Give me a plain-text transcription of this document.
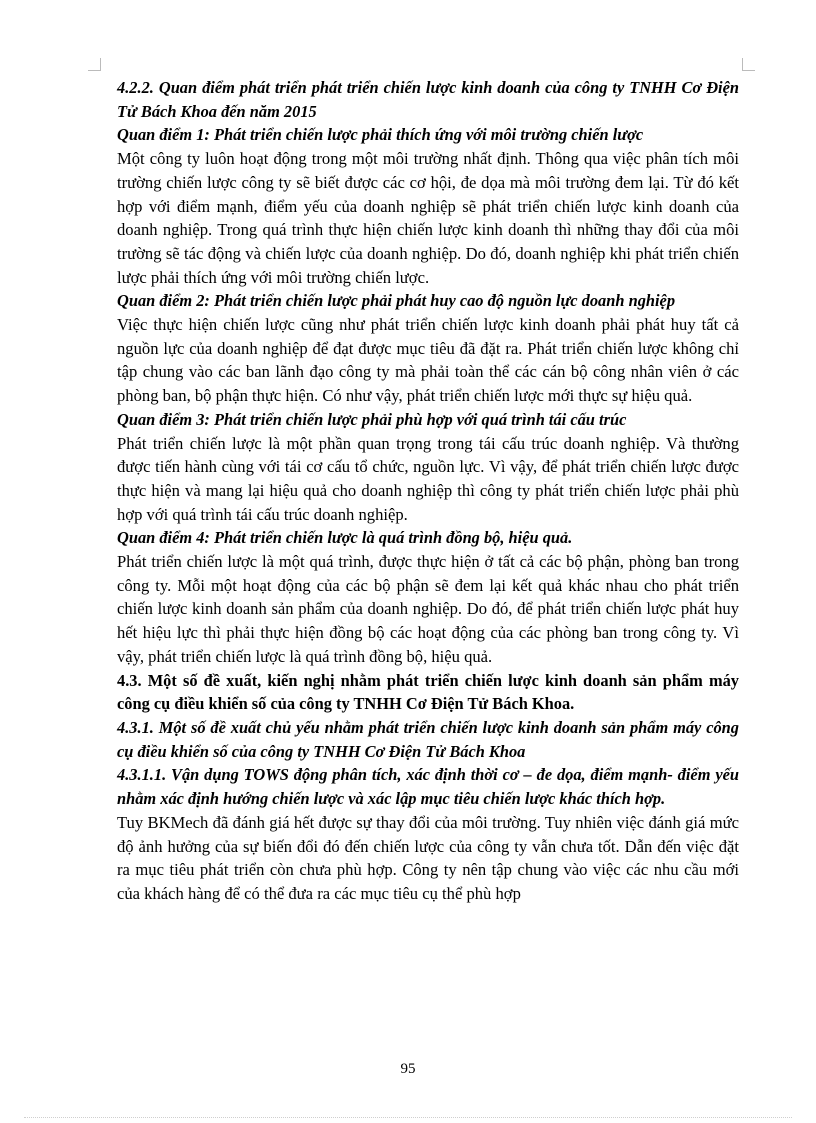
4.2.2. Quan điểm phát triển phát triển chiến lược kinh doanh của công ty TNHH Cơ Điện Tử Bách Khoa đến năm 2015

Quan điểm 1: Phát triển chiến lược phải thích ứng với môi trường chiến lược

Một công ty luôn hoạt động trong một môi trường nhất định. Thông qua việc phân tích môi trường chiến lược công ty sẽ biết được các cơ hội, đe dọa mà môi trường đem lại. Từ đó kết hợp với điểm mạnh, điểm yếu của doanh nghiệp sẽ phát triển chiến lược kinh doanh của doanh nghiệp. Trong quá trình thực hiện chiến lược kinh doanh thì những thay đổi của môi trường sẽ tác động và chiến lược của doanh nghiệp. Do đó, doanh nghiệp khi phát triển chiến lược phải thích ứng với môi trường chiến lược.

Quan điểm 2: Phát triển chiến lược phải phát huy cao độ nguồn lực doanh nghiệp

Việc thực hiện chiến lược cũng như phát triển chiến lược kinh doanh phải phát huy tất cả nguồn lực của doanh nghiệp để đạt được mục tiêu đã đặt ra. Phát triển chiến lược không chỉ tập chung vào các ban lãnh đạo công ty mà phải toàn thể các cán bộ công nhân viên ở các phòng ban, bộ phận thực hiện. Có như vậy, phát triển chiến lược mới thực sự hiệu quả.

Quan điểm 3: Phát triển chiến lược phải phù hợp với quá trình tái cấu trúc

Phát triển chiến lược là một phần quan trọng trong tái cấu trúc doanh nghiệp. Và thường được tiến hành cùng với tái cơ cấu tổ chức, nguồn lực. Vì vậy, để phát triển chiến lược được thực hiện và mang lại hiệu quả cho doanh nghiệp thì công ty phát triển chiến lược phải phù hợp với quá trình tái cấu trúc doanh nghiệp.

Quan điểm 4: Phát triển chiến lược là quá trình đồng bộ, hiệu quả.

Phát triển chiến lược là một quá trình, được thực hiện ở tất cả các bộ phận, phòng ban trong công ty. Mỗi một hoạt động của các bộ phận sẽ đem lại kết quả khác nhau cho phát triển chiến lược kinh doanh sản phẩm của doanh nghiệp. Do đó, để phát triển chiến lược phát huy hết hiệu lực thì phải thực hiện đồng bộ các hoạt động của các phòng ban trong công ty. Vì vậy, phát triển chiến lược là quá trình đồng bộ, hiệu quả.

4.3. Một số đề xuất, kiến nghị nhằm phát triển chiến lược kinh doanh sản phẩm máy công cụ điều khiển số của công ty TNHH Cơ Điện Tử Bách Khoa.

4.3.1. Một số đề xuất chủ yếu nhằm phát triển chiến lược kinh doanh sản phẩm máy công cụ điều khiển số của công ty TNHH Cơ Điện Tử Bách Khoa

4.3.1.1. Vận dụng TOWS động phân tích, xác định thời cơ – đe dọa, điểm mạnh- điểm yếu nhằm xác định hướng chiến lược và xác lập mục tiêu chiến lược khác thích hợp.

Tuy BKMech đã đánh giá hết được sự thay đổi của môi trường. Tuy nhiên việc đánh giá mức độ ảnh hưởng của sự biến đổi đó đến chiến lược của công ty vẫn chưa tốt. Dẫn đến việc đặt ra mục tiêu phát triển còn chưa phù hợp. Công ty nên tập chung vào việc các nhu cầu mới của khách hàng để có thể đưa ra các mục tiêu cụ thể phù hợp

95
